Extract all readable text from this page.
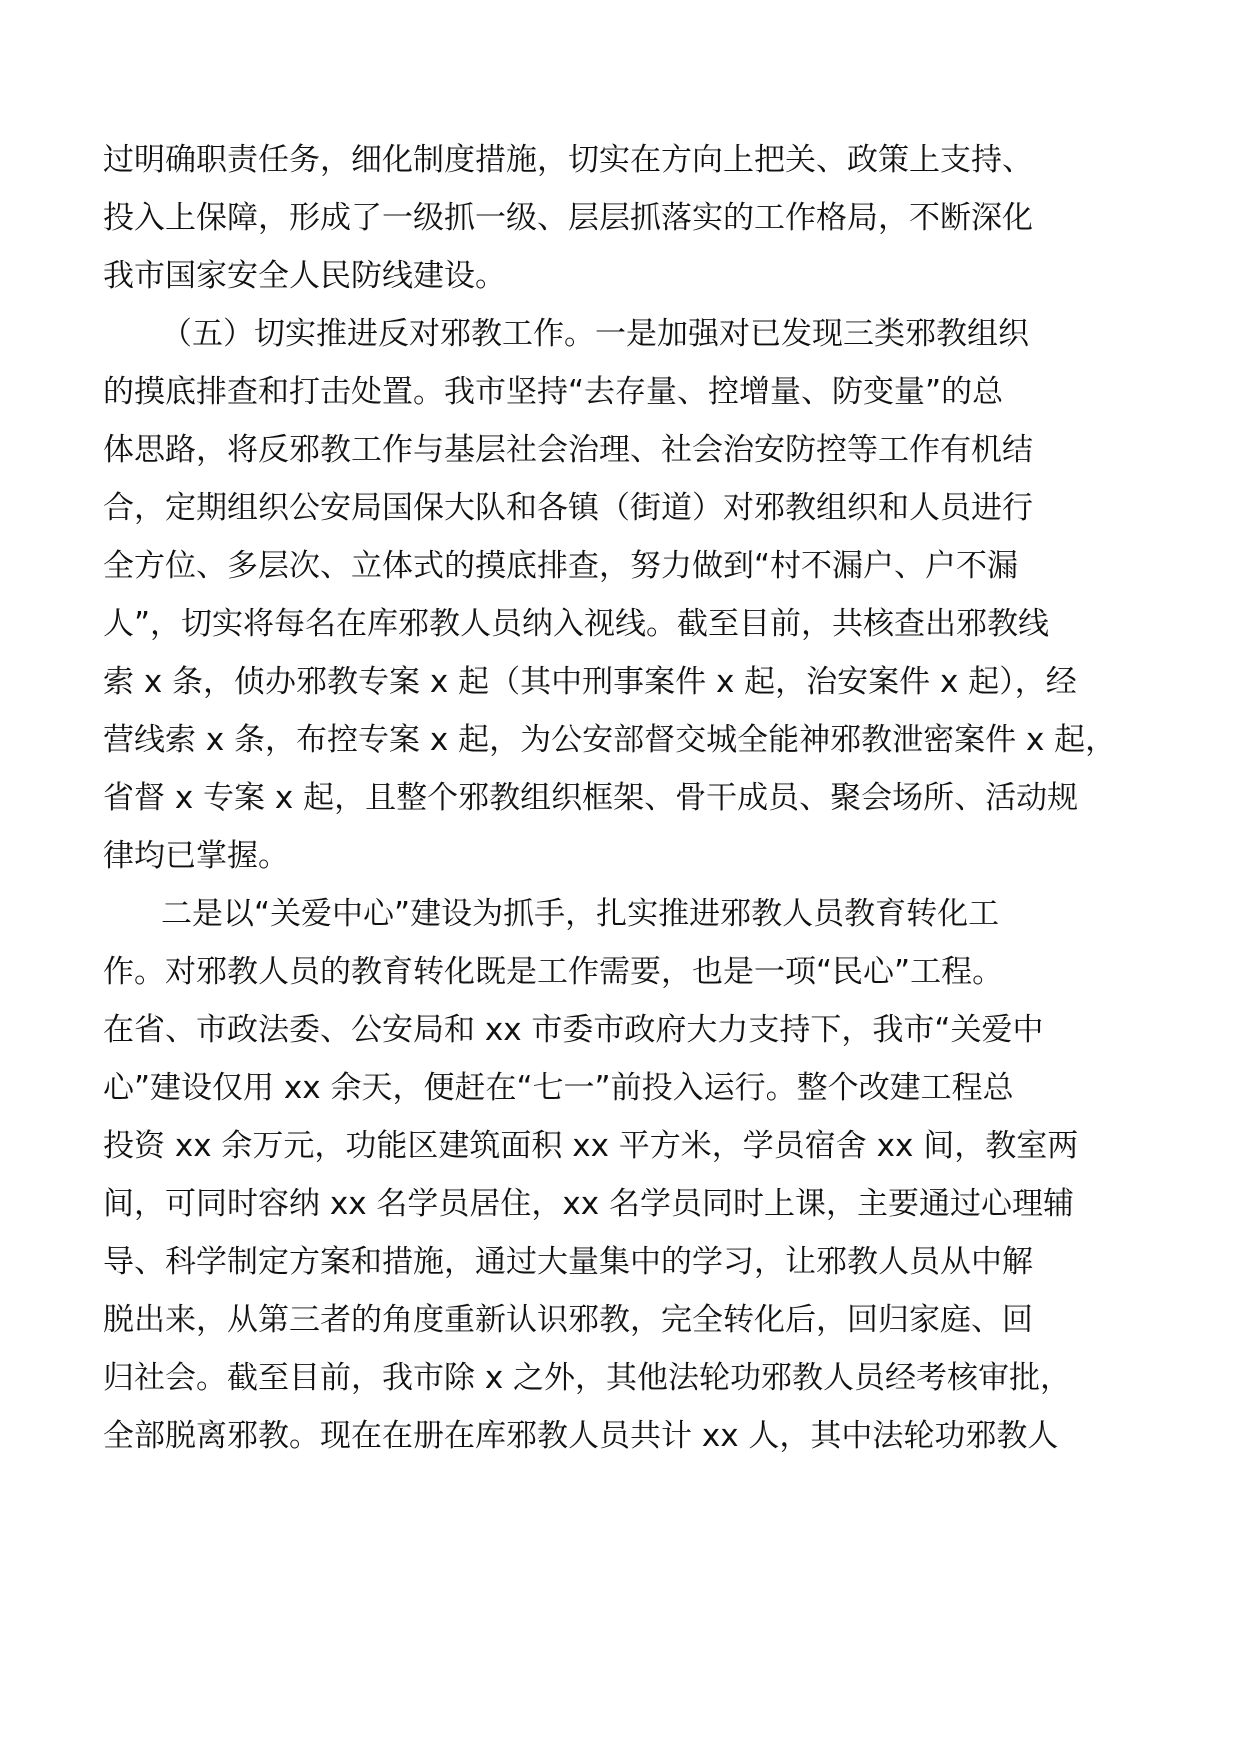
过明确职责任务，细化制度措施，切实在方向上把关、政策上支持、
投入上保障，形成了一级抓一级、层层抓落实的工作格局，不断深化
我市国家安全人民防线建设。
（五）切实推进反对邪教工作。一是加强对已发现三类邪教组织
的摸底排查和打击处置。我市坚持“去存量、控增量、防变量”的总
体思路，将反邪教工作与基层社会治理、社会治安防控等工作有机结
合，定期组织公安局国保大队和各镇（街道）对邪教组织和人员进行
全方位、多层次、立体式的摸底排查，努力做到“村不漏户、户不漏
人”，切实将每名在库邪教人员纳入视线。截至目前，共核查出邪教线
索 x 条，侦办邪教专案 x 起（其中刑事案件 x 起，治安案件 x 起），经
营线索 x 条，布控专案 x 起，为公安部督交城全能神邪教泄密案件 x 起，
省督 x 专案 x 起，且整个邪教组织框架、骨干成员、聚会场所、活动规
律均已掌握。
二是以“关爱中心”建设为抓手，扎实推进邪教人员教育转化工
作。对邪教人员的教育转化既是工作需要，也是一项“民心”工程。
在省、市政法委、公安局和 xx 市委市政府大力支持下，我市“关爱中
心”建设仅用 xx 余天，便赶在“七一”前投入运行。整个改建工程总
投资 xx 余万元，功能区建筑面积 xx 平方米，学员宿舍 xx 间，教室两
间，可同时容纳 xx 名学员居住，xx 名学员同时上课，主要通过心理辅
导、科学制定方案和措施，通过大量集中的学习，让邪教人员从中解
脱出来，从第三者的角度重新认识邪教，完全转化后，回归家庭、回
归社会。截至目前，我市除 x 之外，其他法轮功邪教人员经考核审批，
全部脱离邪教。现在在册在库邪教人员共计 xx 人，其中法轮功邪教人
